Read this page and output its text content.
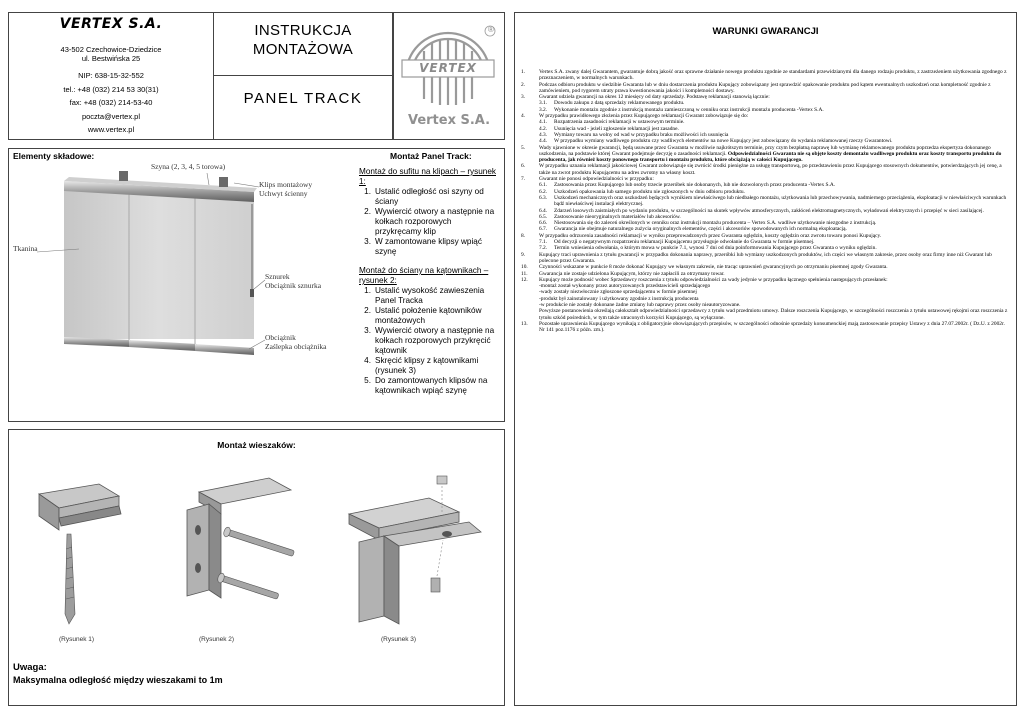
VERTEX S.A.
43-502 Czechowice-Dziedzice
ul. Bestwińska 25
NIP: 638-15-32-552
tel.: +48 (032) 214 53 30(31)
fax: +48 (032) 214-53-40
poczta@vertex.pl
www.vertex.pl
INSTRUKCJA
MONTAŻOWA
PANEL TRACK
VERTEX
®
Vertex S.A.
Elementy składowe:	Montaż Panel Track:
Szyna (2, 3, 4, 5 torowa)
Klips montażowy
Uchwyt ścienny
Tkanina
Sznurek
Obciążnik sznurka
Obciążnik
Zaślepka obciążnika
Montaż do sufitu na klipach – rysunek 1:
1. Ustalić odległość osi szyny od ściany
2. Wywiercić otwory a następnie na kołkach rozporowych przykręcamy klip
3. W zamontowane klipsy wpiąć szynę
Montaż do ściany na kątownikach – rysunek 2:
1. Ustalić wysokość zawieszenia Panel Tracka
2. Ustalić położenie kątowników montażowych
3. Wywiercić otwory a następnie na kołkach rozporowych przykręcić kątownik
4. Skręcić klipsy z kątownikami (rysunek 3)
5. Do zamontowanych klipsów na kątownikach wpiąć szynę
Montaż wieszaków:
(Rysunek 1)	(Rysunek 2)	(Rysunek 3)
Uwaga:
Maksymalna odległość między wieszakami to 1m
WARUNKI GWARANCJI
1.	Vertex S.A. zwany dalej Gwarantem, gwarantuje dobrą jakość oraz sprawne działanie nowego produktu zgodnie ze standardami przewidzianymi dla danego rodzaju produktu, z zastrzeżeniem użytkowania zgodnego z przeznaczeniem, w normalnych warunkach.
2.	Podczas odbioru produktu w siedzibie Gwaranta lub w dniu dostarczenia produktu Kupujący zobowiązany jest sprawdzić opakowanie produktu pod kątem ewentualnych uszkodzeń oraz kompletność zgodnie z zamówieniem, pod rygorem utraty prawa kwestionowania jakości i kompletności dostawy.
3.	Gwarant udziela gwarancji na okres 12 miesięcy od daty sprzedaży. Podstawę reklamacji stanowią łącznie:
3.1.	Dowodu zakupu z datą sprzedaży reklamowanego produktu.
3.2.	Wykonanie montażu zgodnie z instrukcją montażu zamieszczoną w cenniku oraz instrukcji montażu producenta -Vertex S.A.
4.	W przypadku prawidłowego złożenia przez Kupującego reklamacji Gwarant zobowiązuje się do:
4.1.	Rozpatrzenia zasadności reklamacji w ustawowym terminie.
4.2.	Usunięcia wad - jeżeli zgłoszenie reklamacji jest zasadne.
4.3.	Wymiany towaru na wolny od wad w przypadku braku możliwości ich usunięcia
4.4.	W przypadku wymiany wadliwego produktu czy wadliwych elementów na nowe Kupujący jest zobowiązany do wydania reklamowanej rzeczy Gwarantowi.
5.	Wady ujawnione w okresie gwarancji, będą usuwane przez Gwaranta w możliwie najkrótszym terminie, przy czym bezpłatną naprawę lub wymianę reklamowanego produktu poprzedza ekspertyza dokonanego uszkodzenia, na podstawie której Gwarant podejmuje decyzję o zasadności reklamacji. Odpowiedzialności Gwaranta nie są objęte koszty demontażu wadliwego produktu oraz koszty transportu produktu do producenta, jak również koszty ponownego transportu i montażu produktu, które obciążają w całości Kupującego.
6.	W przypadku uznania reklamacji jakościowej Gwarant zobowiązuje się zwrócić środki pieniężne za usługę transportową, po przedstawieniu przez Kupującego stosownych dokumentów, potwierdzających jej cenę, a także na zwrot produktu Kupującemu na adres zwrotny na własny koszt.
7.	Gwarant nie ponosi odpowiedzialności w przypadku:
6.1.	Zastosowania przez Kupującego lub osoby trzecie przeróbek nie dokonanych, lub nie dozwolonych przez producenta -Vertex S.A.
6.2.	Uszkodzeń opakowania lub samego produktu nie zgłoszonych w dniu odbioru produktu.
6.3.	Uszkodzeń mechanicznych oraz uszkodzeń będących wynikiem niewłaściwego lub niedbałego montażu, użytkowania lub przechowywania, nadmiernego przeciążenia, eksploatacji w niewłaściwych warunkach bądź niewłaściwej instalacji elektrycznej.
6.4.	Zdarzeń losowych zaistniałych po wydaniu produktu, w szczególności na skutek wpływów atmosferycznych, zakłóceń elektromagnetycznych, wyładowań elektrycznych i przepięć w sieci zasilającej.
6.5.	Zastosowanie nieoryginalnych materiałów lub akcesoriów.
6.6.	Niestosowania się do zaleceń określonych w cenniku oraz instrukcji montażu producenta – Vertex S.A. wadliwe użytkowanie niezgodne z instrukcją.
6.7.	Gwarancja nie obejmuje naturalnego zużycia oryginalnych elementów, części i akcesoriów spowodowanych ich normalną eksploatacją.
8.	W przypadku odrzucenia zasadności reklamacji w wyniku przeprowadzonych przez Gwaranta oględzin, koszty oględzin oraz zwrotu towaru ponosi Kupujący.
7.1.	Od decyzji o negatywnym rozpatrzeniu reklamacji Kupującemu przysługuje odwołanie do Gwaranta w formie pisemnej.
7.2.	Termin wniesienia odwołania, o którym mowa w punkcie 7.1, wynosi 7 dni od dnia poinformowania Kupującego przez Gwaranta o wyniku oględzin.
9.	Kupujący traci uprawnienia z tytułu gwarancji w przypadku dokonania naprawy, przeróbki lub wymiany uszkodzonych produktów, ich części we własnym zakresie, przez osoby oraz firmy inne niż Gwarant lub polecone przez Gwaranta.
10.	Czynności wskazane w punkcie 8 może dokonać Kupujący we własnym zakresie, nie tracąc uprawnień gwarancyjnych po otrzymaniu pisemnej zgody Gwaranta.
11.	Gwarancja nie zostaje udzielona Kupującym, którzy nie zapłacili za otrzymany towar.
12.	Kupujący może podnosić wobec Sprzedawcy roszczenia z tytułu odpowiedzialności za wady jedynie w przypadku łącznego spełnienia następujących przesłanek:
-montaż został wykonany przez autoryzowanych przedstawicieli sprzedającego
-wady zostały niezwłocznie zgłoszone sprzedającemu w formie pisemnej
-produkt był zainstalowany i użytkowany zgodnie z instrukcją producenta
-w produkcie nie zostały dokonane żadne zmiany lub naprawy przez osoby nieautoryzowane.
Powyższe postanowienia określają całokształt odpowiedzialności sprzedawcy z tytułu wad przedmiotu umowy. Dalsze roszczenia Kupującego, w szczególności roszczenia z tytułu ustawowej rękojmi oraz roszczenia z tytułu szkód pośrednich, w tym także utraconych korzyści Kupującego, są wyłączone.
13.	Pozostałe uprawnienia Kupującego wynikają z obligatoryjnie obowiązujących przepisów, w szczególności odnośnie sprzedaży konsumenckiej mają zastosowanie przepisy Ustawy z dnia 27.07.2002r. ( Dz.U. z 2002r. Nr 141 poz.1176 z późn. zm.).
